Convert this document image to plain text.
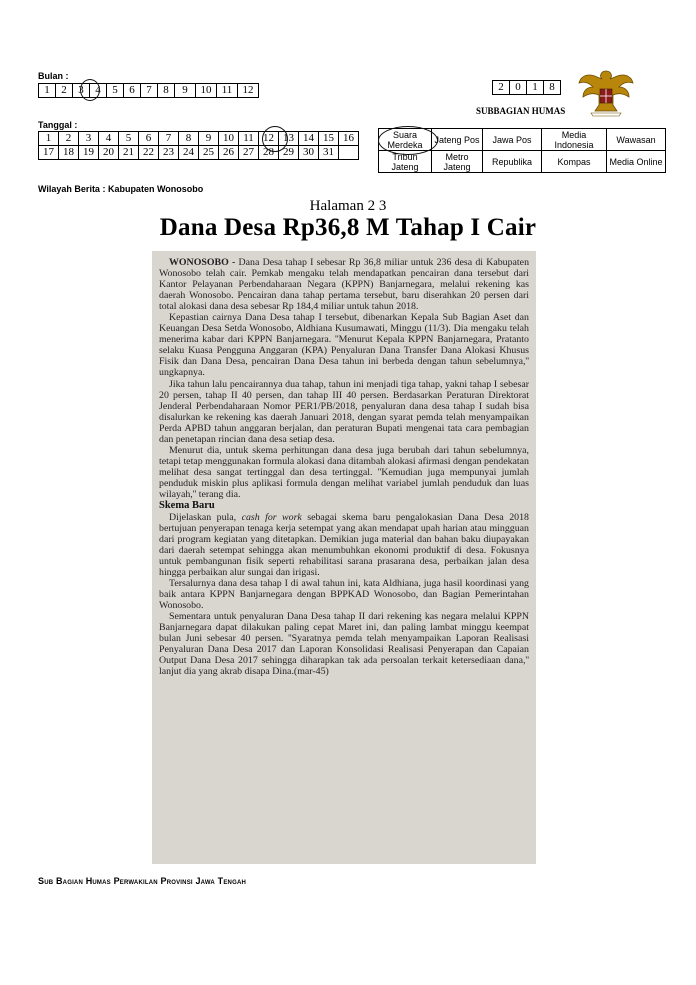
Bulan :
1	2	3	4	5	6	7	8	9	10	11	12
Tanggal :
1	2	3	4	5	6	7	8	9	10	11	12	13	14	15	16
17	18	19	20	21	22	23	24	25	26	27	28	29	30	31	
2	0	1	8
SUBBAGIAN HUMAS
Suara Merdeka	Jateng Pos	Jawa Pos	Media Indonesia	Wawasan
Tribun Jateng	Metro Jateng	Republika	Kompas	Media Online
Wilayah Berita : Kabupaten Wonosobo
Halaman 2 3
Dana Desa Rp36,8 M Tahap I Cair

WONOSOBO - Dana Desa tahap I sebesar Rp 36,8 miliar untuk 236 desa di Kabupaten Wonosobo telah cair. Pemkab mengaku telah mendapatkan pencairan dana tersebut dari Kantor Pelayanan Perbendaharaan Negara (KPPN) Banjarnegara, melalui rekening kas daerah Wonosobo. Pencairan dana tahap pertama tersebut, baru diserahkan 20 persen dari total alokasi dana desa sebesar Rp 184,4 miliar untuk tahun 2018.

Kepastian cairnya Dana Desa tahap I tersebut, dibenarkan Kepala Sub Bagian Aset dan Keuangan Desa Setda Wonosobo, Aldhiana Kusumawati, Minggu (11/3). Dia mengaku telah menerima kabar dari KPPN Banjarnegara. ''Menurut Kepala KPPN Banjarnegara, Pratanto selaku Kuasa Pengguna Anggaran (KPA) Penyaluran Dana Transfer Dana Alokasi Khusus Fisik dan Dana Desa, pencairan Dana Desa tahun ini berbeda dengan tahun sebelumnya,'' ungkapnya.

Jika tahun lalu pencairannya dua tahap, tahun ini menjadi tiga tahap, yakni tahap I sebesar 20 persen, tahap II 40 persen, dan tahap III 40 persen. Berdasarkan Peraturan Direktorat Jenderal Perbendaharaan Nomor PER1/PB/2018, penyaluran dana desa tahap I sudah bisa disalurkan ke rekening kas daerah Januari 2018, dengan syarat pemda telah menyampaikan Perda APBD tahun anggaran berjalan, dan peraturan Bupati mengenai tata cara pembagian dan penetapan rincian dana desa setiap desa.

Menurut dia, untuk skema perhitungan dana desa juga berubah dari tahun sebelumnya, tetapi tetap menggunakan formula alokasi dana ditambah alokasi afirmasi dengan pendekatan melihat desa sangat tertinggal dan desa tertinggal. ''Kemudian juga mempunyai jumlah penduduk miskin plus aplikasi formula dengan melihat variabel jumlah penduduk dan luas wilayah,'' terang dia.

Skema Baru

Dijelaskan pula, cash for work sebagai skema baru pengalokasian Dana Desa 2018 bertujuan penyerapan tenaga kerja setempat yang akan mendapat upah harian atau mingguan dari program kegiatan yang ditetapkan. Demikian juga material dan bahan baku diupayakan dari daerah setempat sehingga akan menumbuhkan ekonomi produktif di desa. Fokusnya untuk pembangunan fisik seperti rehabilitasi sarana prasarana desa, perbaikan jalan desa hingga perbaikan alur sungai dan irigasi.

Tersalurnya dana desa tahap I di awal tahun ini, kata Aldhiana, juga hasil koordinasi yang baik antara KPPN Banjarnegara dengan BPPKAD Wonosobo, dan Bagian Pemerintahan Wonosobo.

Sementara untuk penyaluran Dana Desa tahap II dari rekening kas negara melalui KPPN Banjarnegara dapat dilakukan paling cepat Maret ini, dan paling lambat minggu keempat bulan Juni sebesar 40 persen. ''Syaratnya pemda telah menyampaikan Laporan Realisasi Penyaluran Dana Desa 2017 dan Laporan Konsolidasi Realisasi Penyerapan dan Capaian Output Dana Desa 2017 sehingga diharapkan tak ada persoalan terkait ketersediaan dana,'' lanjut dia yang akrab disapa Dina.(mar-45)

Sub Bagian Humas Perwakilan Provinsi Jawa Tengah
